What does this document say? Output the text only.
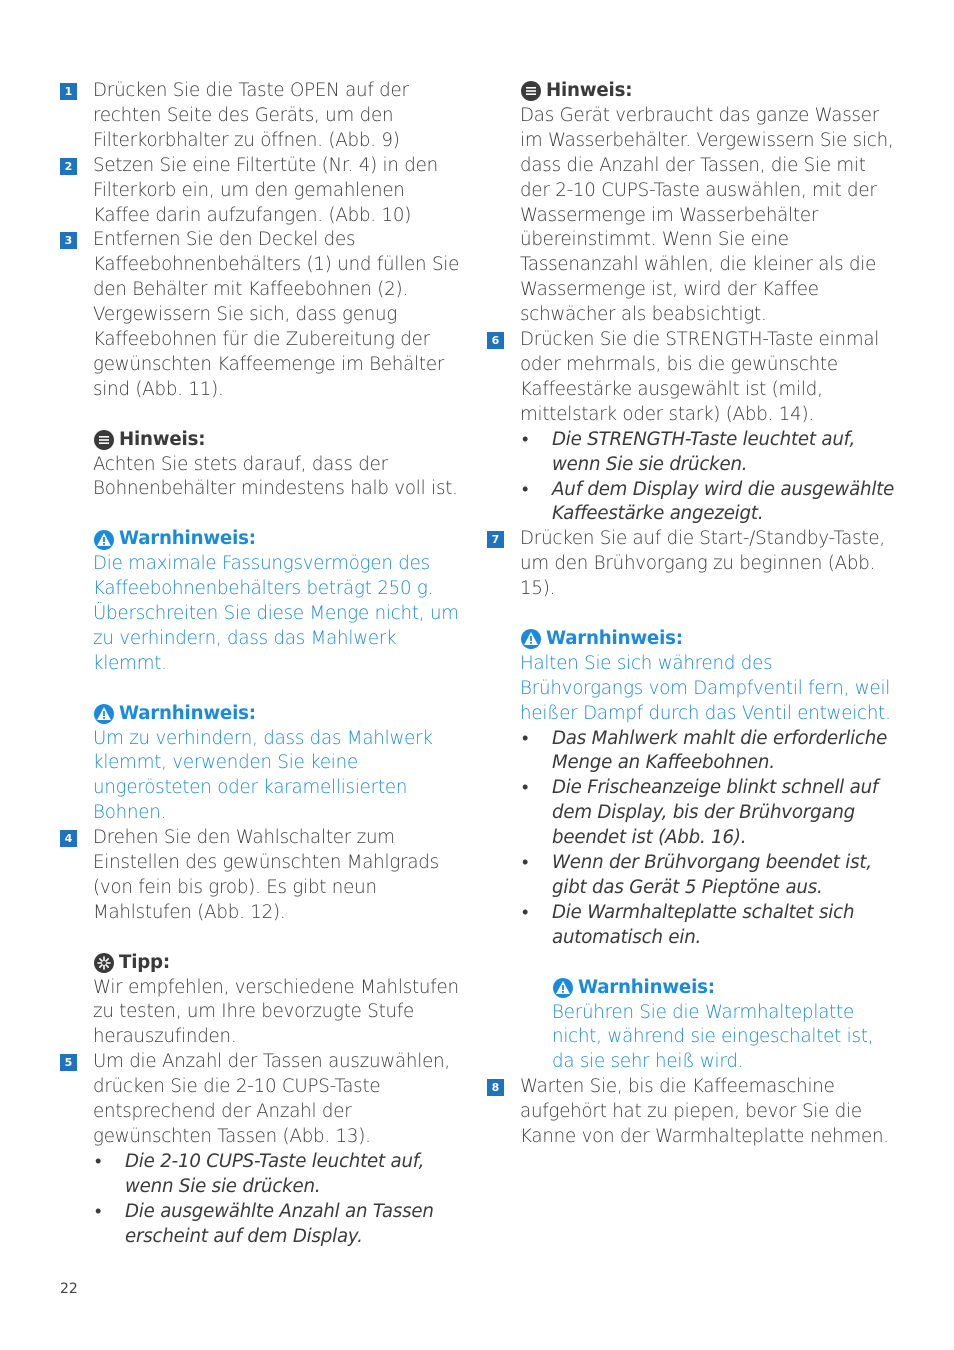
1 Drücken Sie die Taste OPEN auf der rechten Seite des Geräts, um den Filterkorbhalter zu öffnen. (Abb. 9)
2 Setzen Sie eine Filtertüte (Nr. 4) in den Filterkorb ein, um den gemahlenen Kaffee darin aufzufangen. (Abb. 10)
3 Entfernen Sie den Deckel des Kaffeebohnenbehälters (1) und füllen Sie den Behälter mit Kaffeebohnen (2). Vergewissern Sie sich, dass genug Kaffeebohnen für die Zubereitung der gewünschten Kaffeemenge im Behälter sind (Abb. 11).
Hinweis:
Achten Sie stets darauf, dass der Bohnenbehälter mindestens halb voll ist.
Warnhinweis:
Die maximale Fassungsvermögen des Kaffeebohnenbehälters beträgt 250 g. Überschreiten Sie diese Menge nicht, um zu verhindern, dass das Mahlwerk klemmt.
Warnhinweis:
Um zu verhindern, dass das Mahlwerk klemmt, verwenden Sie keine ungerösteten oder karamellisierten Bohnen.
4 Drehen Sie den Wahlschalter zum Einstellen des gewünschten Mahlgrads (von fein bis grob). Es gibt neun Mahlstufen (Abb. 12).
Tipp:
Wir empfehlen, verschiedene Mahlstufen zu testen, um Ihre bevorzugte Stufe herauszufinden.
5 Um die Anzahl der Tassen auszuwählen, drücken Sie die 2-10 CUPS-Taste entsprechend der Anzahl der gewünschten Tassen (Abb. 13).
• Die 2-10 CUPS-Taste leuchtet auf, wenn Sie sie drücken.
• Die ausgewählte Anzahl an Tassen erscheint auf dem Display.
Hinweis:
Das Gerät verbraucht das ganze Wasser im Wasserbehälter. Vergewissern Sie sich, dass die Anzahl der Tassen, die Sie mit der 2-10 CUPS-Taste auswählen, mit der Wassermenge im Wasserbehälter übereinstimmt. Wenn Sie eine Tassenanzahl wählen, die kleiner als die Wassermenge ist, wird der Kaffee schwächer als beabsichtigt.
6 Drücken Sie die STRENGTH-Taste einmal oder mehrmals, bis die gewünschte Kaffeestärke ausgewählt ist (mild, mittelstark oder stark) (Abb. 14).
• Die STRENGTH-Taste leuchtet auf, wenn Sie sie drücken.
• Auf dem Display wird die ausgewählte Kaffeestärke angezeigt.
7 Drücken Sie auf die Start-/Standby-Taste, um den Brühvorgang zu beginnen (Abb. 15).
Warnhinweis:
Halten Sie sich während des Brühvorgangs vom Dampfventil fern, weil heißer Dampf durch das Ventil entweicht.
• Das Mahlwerk mahlt die erforderliche Menge an Kaffeebohnen.
• Die Frischeanzeige blinkt schnell auf dem Display, bis der Brühvorgang beendet ist (Abb. 16).
• Wenn der Brühvorgang beendet ist, gibt das Gerät 5 Pieptöne aus.
• Die Warmhalteplatte schaltet sich automatisch ein.
Warnhinweis:
Berühren Sie die Warmhalteplatte nicht, während sie eingeschaltet ist, da sie sehr heiß wird.
8 Warten Sie, bis die Kaffeemaschine aufgehört hat zu piepen, bevor Sie die Kanne von der Warmhalteplatte nehmen.
22
